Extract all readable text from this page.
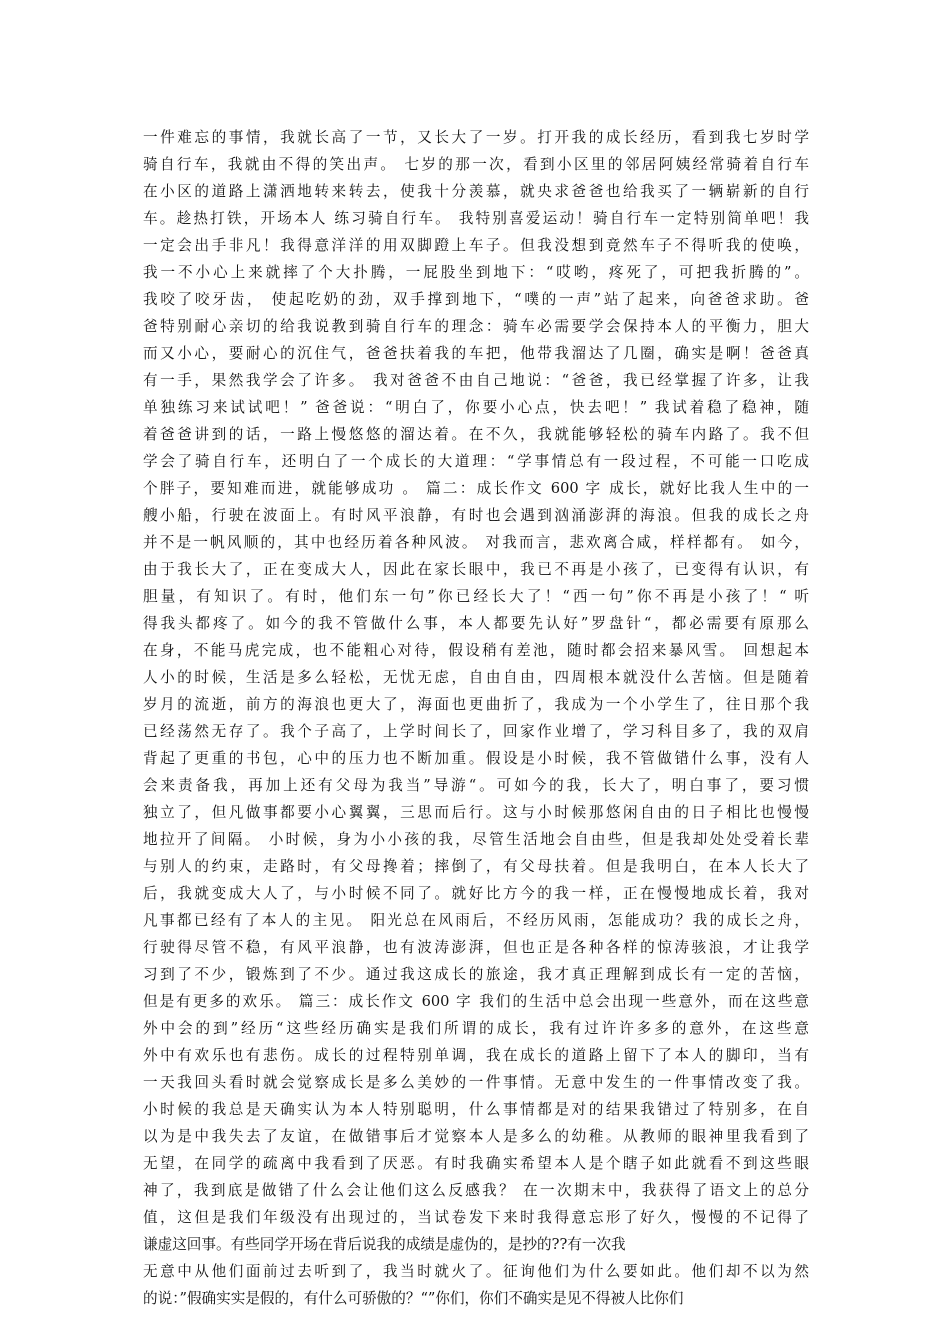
一件难忘的事情，我就长高了一节，又长大了一岁。打开我的成长经历，看到我七岁时学
骑自行车，我就由不得的笑出声。 七岁的那一次，看到小区里的邻居阿姨经常骑着自行车
在小区的道路上潇洒地转来转去，使我十分羡慕，就央求爸爸也给我买了一辆崭新的自行
车。趁热打铁，开场本人 练习骑自行车。 我特别喜爱运动！骑自行车一定特别简单吧！我
一定会出手非凡！我得意洋洋的用双脚蹬上车子。但我没想到竟然车子不得听我的使唤，
我一不小心上来就摔了个大扑腾，一屁股坐到地下：“哎哟，疼死了，可把我折腾的”。
我咬了咬牙齿， 使起吃奶的劲，双手撑到地下，“噗的一声”站了起来，向爸爸求助。爸
爸特别耐心亲切的给我说教到骑自行车的理念：骑车必需要学会保持本人的平衡力，胆大
而又小心，要耐心的沉住气，爸爸扶着我的车把，他带我溜达了几圈，确实是啊！爸爸真
有一手，果然我学会了许多。 我对爸爸不由自己地说：“爸爸，我已经掌握了许多，让我
单独练习来试试吧！” 爸爸说：“明白了，你要小心点，快去吧！” 我试着稳了稳神，随
着爸爸讲到的话，一路上慢悠悠的溜达着。在不久，我就能够轻松的骑车内路了。我不但
学会了骑自行车，还明白了一个成长的大道理：“学事情总有一段过程，不可能一口吃成
个胖子，要知难而进，就能够成功 。 篇二：成长作文 600 字 成长，就好比我人生中的一
艘小船，行驶在波面上。有时风平浪静，有时也会遇到汹涌澎湃的海浪。但我的成长之舟
并不是一帆风顺的，其中也经历着各种风波。 对我而言，悲欢离合咸，样样都有。 如今，
由于我长大了，正在变成大人，因此在家长眼中，我已不再是小孩了，已变得有认识，有
胆量，有知识了。有时，他们东一句”你已经长大了！“西一句”你不再是小孩了！“ 听
得我头都疼了。如今的我不管做什么事，本人都要先认好”罗盘针“，都必需要有原那么
在身，不能马虎完成，也不能粗心对待，假设稍有差池，随时都会招来暴风雪。 回想起本
人小的时候，生活是多么轻松，无忧无虑，自由自由，四周根本就没什么苦恼。但是随着
岁月的流逝，前方的海浪也更大了，海面也更曲折了，我成为一个小学生了，往日那个我
已经荡然无存了。我个子高了，上学时间长了，回家作业增了，学习科目多了，我的双肩
背起了更重的书包，心中的压力也不断加重。假设是小时候，我不管做错什么事，没有人
会来责备我，再加上还有父母为我当”导游“。可如今的我，长大了，明白事了，要习惯
独立了，但凡做事都要小心翼翼，三思而后行。这与小时候那悠闲自由的日子相比也慢慢
地拉开了间隔。 小时候，身为小小孩的我，尽管生活地会自由些，但是我却处处受着长辈
与别人的约束，走路时，有父母搀着；摔倒了，有父母扶着。但是我明白，在本人长大了
后，我就变成大人了，与小时候不同了。就好比方今的我一样，正在慢慢地成长着，我对
凡事都已经有了本人的主见。 阳光总在风雨后，不经历风雨，怎能成功？我的成长之舟，
行驶得尽管不稳，有风平浪静，也有波涛澎湃，但也正是各种各样的惊涛骇浪，才让我学
习到了不少，锻炼到了不少。通过我这成长的旅途，我才真正理解到成长有一定的苦恼，
但是有更多的欢乐。 篇三：成长作文 600 字 我们的生活中总会出现一些意外，而在这些意
外中会的到”经历“这些经历确实是我们所谓的成长，我有过许许多多的意外，在这些意
外中有欢乐也有悲伤。成长的过程特别单调，我在成长的道路上留下了本人的脚印，当有
一天我回头看时就会觉察成长是多么美妙的一件事情。无意中发生的一件事情改变了我。
小时候的我总是天确实认为本人特别聪明，什么事情都是对的结果我错过了特别多，在自
以为是中我失去了友谊，在做错事后才觉察本人是多么的幼稚。从教师的眼神里我看到了
无望，在同学的疏离中我看到了厌恶。有时我确实希望本人是个瞎子如此就看不到这些眼
神了，我到底是做错了什么会让他们这么反感我？ 在一次期末中，我获得了语文上的总分
值，这但是我们年级没有出现过的，当试卷发下来时我得意忘形了好久，慢慢的不记得了
谦虚这回事。有些同学开场在背后说我的成绩是虚伪的，是抄的??有一次我
无意中从他们面前过去听到了，我当时就火了。征询他们为什么要如此。他们却不以为然
的说：”假确实实是假的，有什么可骄傲的？“”你们，你们不确实是见不得被人比你们
